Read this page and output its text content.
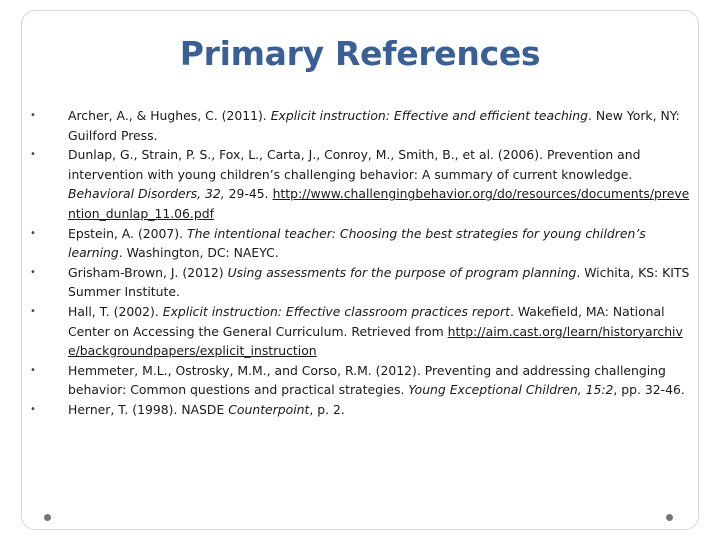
Primary References
•	Archer, A., & Hughes, C. (2011). Explicit instruction: Effective and efficient teaching. New York, NY: Guilford Press.
•	Dunlap, G., Strain, P. S., Fox, L., Carta, J., Conroy, M., Smith, B., et al. (2006). Prevention and intervention with young children’s challenging behavior: A summary of current knowledge. Behavioral Disorders, 32, 29-45. http://www.challengingbehavior.org/do/resources/documents/prevention_dunlap_11.06.pdf
•	Epstein, A. (2007). The intentional teacher: Choosing the best strategies for young children’s learning. Washington, DC: NAEYC.
•	Grisham-Brown, J. (2012) Using assessments for the purpose of program planning. Wichita, KS: KITS Summer Institute.
•	Hall, T. (2002). Explicit instruction: Effective classroom practices report. Wakefield, MA: National Center on Accessing the General Curriculum. Retrieved from http://aim.cast.org/learn/historyarchive/backgroundpapers/explicit_instruction
•	Hemmeter, M.L., Ostrosky, M.M., and Corso, R.M. (2012). Preventing and addressing challenging behavior: Common questions and practical strategies. Young Exceptional Children, 15:2, pp. 32-46.
•	Herner, T. (1998). NASDE Counterpoint, p. 2.
